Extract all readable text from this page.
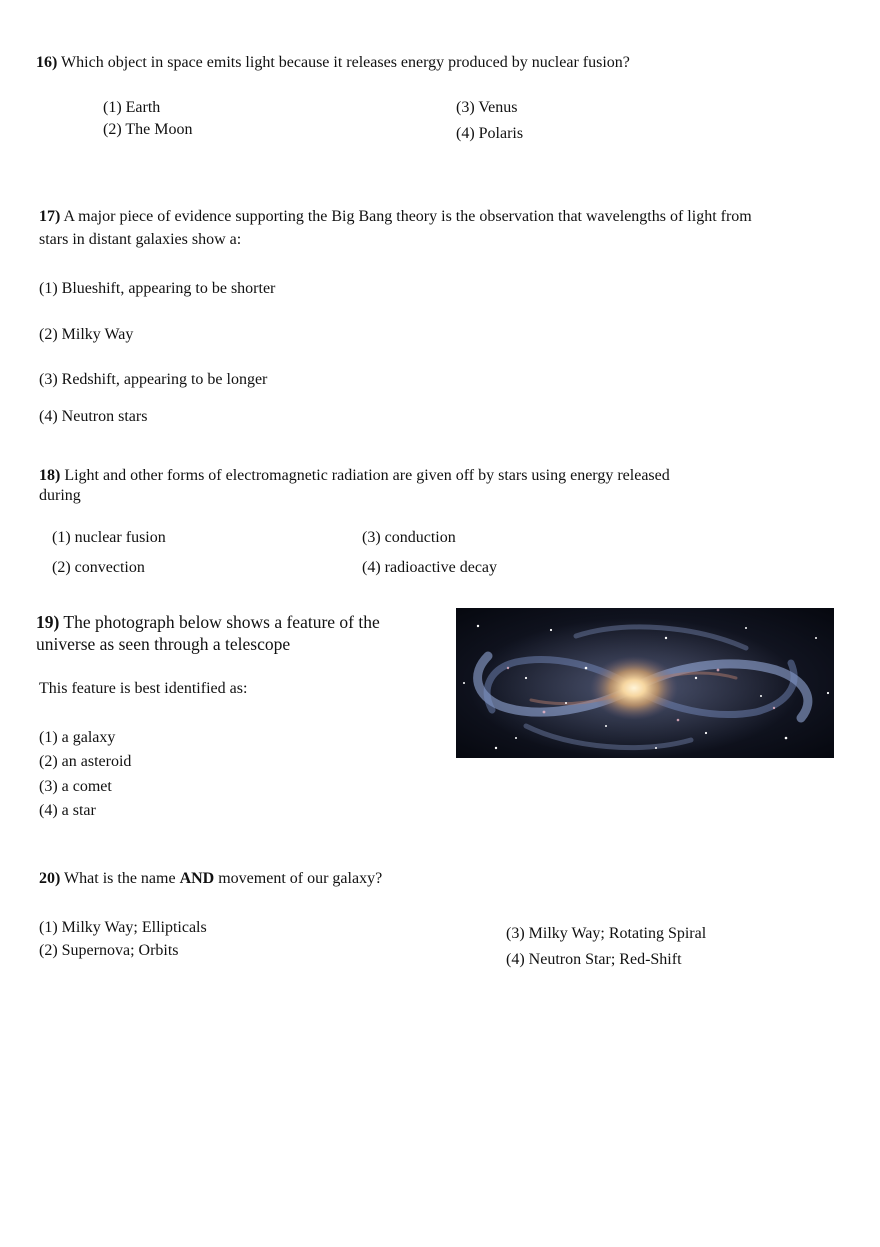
16) Which object in space emits light because it releases energy produced by nuclear fusion?
(1) Earth
(2) The Moon
(3) Venus
(4) Polaris
17) A major piece of evidence supporting the Big Bang theory is the observation that wavelengths of light from
stars in distant galaxies show a:
(1) Blueshift, appearing to be shorter
(2) Milky Way
(3) Redshift, appearing to be longer
(4) Neutron stars
18) Light and other forms of electromagnetic radiation are given off by stars using energy released
during
(1) nuclear fusion
(2) convection
(3) conduction
(4) radioactive decay
19) The photograph below shows a feature of the
universe as seen through a telescope
This feature is best identified as:
(1) a galaxy
(2) an asteroid
(3) a comet
(4) a star
20) What is the name AND movement of our galaxy?
(1) Milky Way; Ellipticals
(2) Supernova; Orbits
(3) Milky Way; Rotating Spiral
(4) Neutron Star; Red-Shift
